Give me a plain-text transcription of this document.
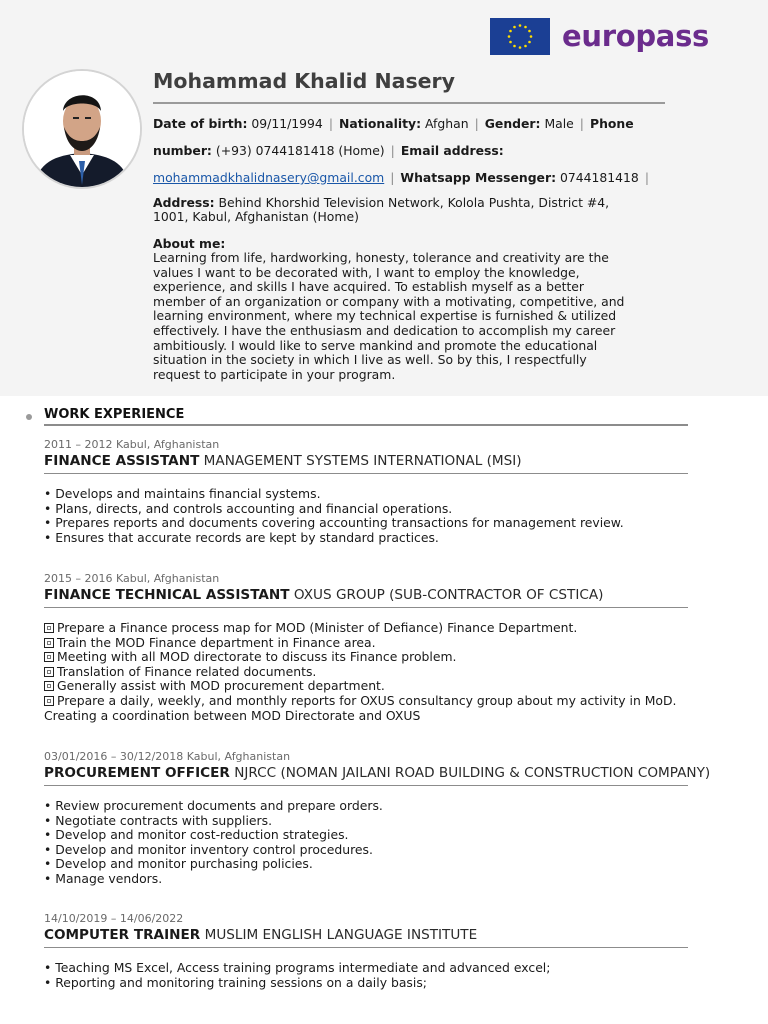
europass
Mohammad Khalid Nasery
Date of birth: 09/11/1994 | Nationality: Afghan | Gender: Male | Phone
number: (+93) 0744181418 (Home) | Email address:
mohammadkhalidnasery@gmail.com | Whatsapp Messenger: 0744181418 |
Address: Behind Khorshid Television Network, Kolola Pushta, District #4, 1001, Kabul, Afghanistan (Home)
About me:
Learning from life, hardworking, honesty, tolerance and creativity are the values I want to be decorated with, I want to employ the knowledge, experience, and skills I have acquired. To establish myself as a better member of an organization or company with a motivating, competitive, and learning environment, where my technical expertise is furnished & utilized effectively. I have the enthusiasm and dedication to accomplish my career ambitiously. I would like to serve mankind and promote the educational situation in the society in which I live as well. So by this, I respectfully request to participate in your program.
WORK EXPERIENCE
2011 – 2012 Kabul, Afghanistan
FINANCE ASSISTANT MANAGEMENT SYSTEMS INTERNATIONAL (MSI)
• Develops and maintains financial systems.
• Plans, directs, and controls accounting and financial operations.
• Prepares reports and documents covering accounting transactions for management review.
• Ensures that accurate records are kept by standard practices.
2015 – 2016 Kabul, Afghanistan
FINANCE TECHNICAL ASSISTANT OXUS GROUP (SUB-CONTRACTOR OF CSTICA)
Prepare a Finance process map for MOD (Minister of Defiance) Finance Department.
Train the MOD Finance department in Finance area.
Meeting with all MOD directorate to discuss its Finance problem.
Translation of Finance related documents.
Generally assist with MOD procurement department.
Prepare a daily, weekly, and monthly reports for OXUS consultancy group about my activity in MoD.
Creating a coordination between MOD Directorate and OXUS
03/01/2016 – 30/12/2018 Kabul, Afghanistan
PROCUREMENT OFFICER NJRCC (NOMAN JAILANI ROAD BUILDING & CONSTRUCTION COMPANY)
• Review procurement documents and prepare orders.
• Negotiate contracts with suppliers.
• Develop and monitor cost-reduction strategies.
• Develop and monitor inventory control procedures.
• Develop and monitor purchasing policies.
• Manage vendors.
14/10/2019 – 14/06/2022
COMPUTER TRAINER MUSLIM ENGLISH LANGUAGE INSTITUTE
• Teaching MS Excel, Access training programs intermediate and advanced excel;
• Reporting and monitoring training sessions on a daily basis;
